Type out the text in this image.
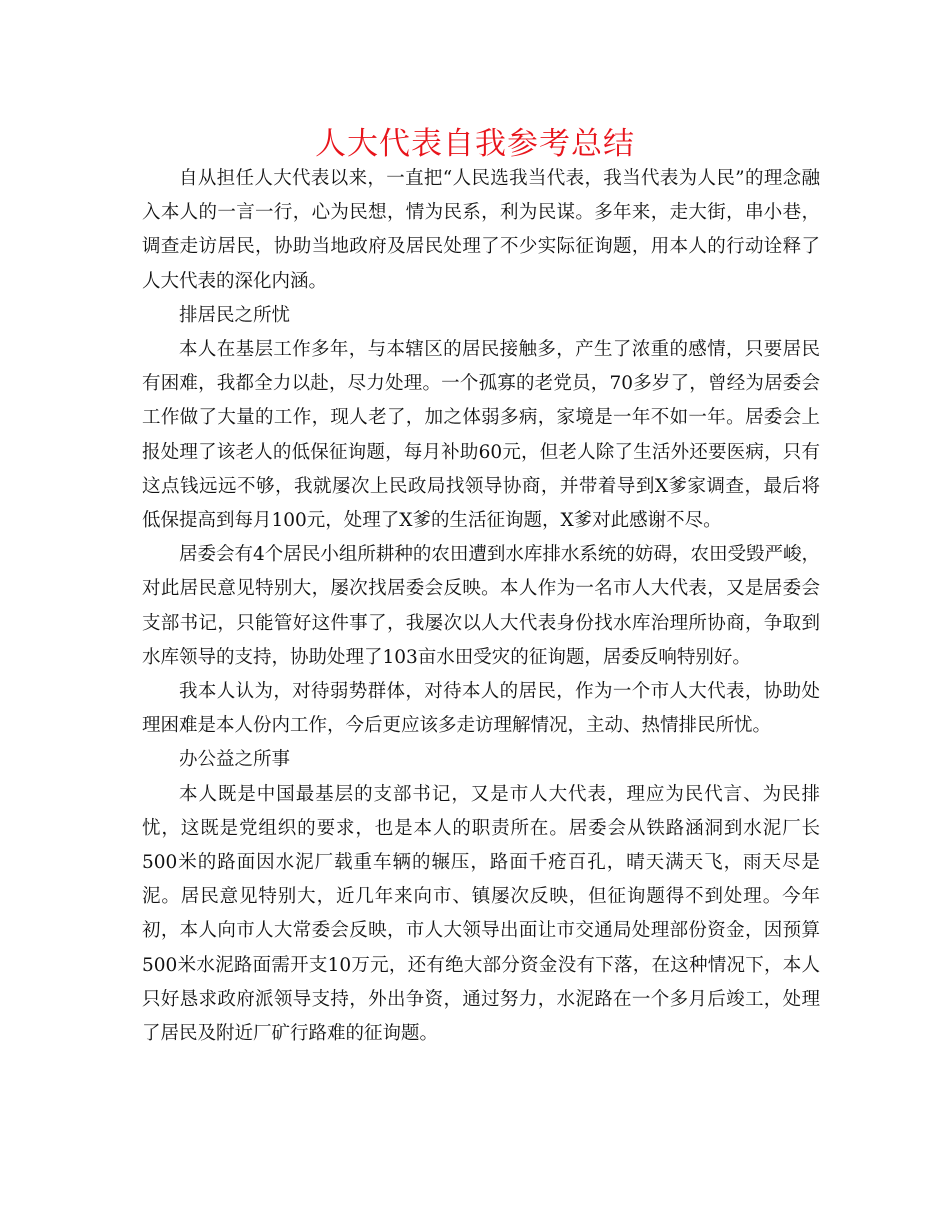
人大代表自我参考总结

自从担任人大代表以来，一直把“人民选我当代表，我当代表为人民”的理念融入本人的一言一行，心为民想，情为民系，利为民谋。多年来，走大街，串小巷，调查走访居民，协助当地政府及居民处理了不少实际征询题，用本人的行动诠释了人大代表的深化内涵。

排居民之所忧

本人在基层工作多年，与本辖区的居民接触多，产生了浓重的感情，只要居民有困难，我都全力以赴，尽力处理。一个孤寡的老党员，70多岁了，曾经为居委会工作做了大量的工作，现人老了，加之体弱多病，家境是一年不如一年。居委会上报处理了该老人的低保征询题，每月补助60元，但老人除了生活外还要医病，只有这点钱远远不够，我就屡次上民政局找领导协商，并带着导到X爹家调查，最后将低保提高到每月100元，处理了X爹的生活征询题，X爹对此感谢不尽。

居委会有4个居民小组所耕种的农田遭到水库排水系统的妨碍，农田受毁严峻，对此居民意见特别大，屡次找居委会反映。本人作为一名市人大代表，又是居委会支部书记，只能管好这件事了，我屡次以人大代表身份找水库治理所协商，争取到水库领导的支持，协助处理了103亩水田受灾的征询题，居委反响特别好。

我本人认为，对待弱势群体，对待本人的居民，作为一个市人大代表，协助处理困难是本人份内工作，今后更应该多走访理解情况，主动、热情排民所忧。

办公益之所事

本人既是中国最基层的支部书记，又是市人大代表，理应为民代言、为民排忧，这既是党组织的要求，也是本人的职责所在。居委会从铁路涵洞到水泥厂长500米的路面因水泥厂载重车辆的辗压，路面千疮百孔，晴天满天飞，雨天尽是泥。居民意见特别大，近几年来向市、镇屡次反映，但征询题得不到处理。今年初，本人向市人大常委会反映，市人大领导出面让市交通局处理部份资金，因预算500米水泥路面需开支10万元，还有绝大部分资金没有下落，在这种情况下，本人只好恳求政府派领导支持，外出争资，通过努力，水泥路在一个多月后竣工，处理了居民及附近厂矿行路难的征询题。
